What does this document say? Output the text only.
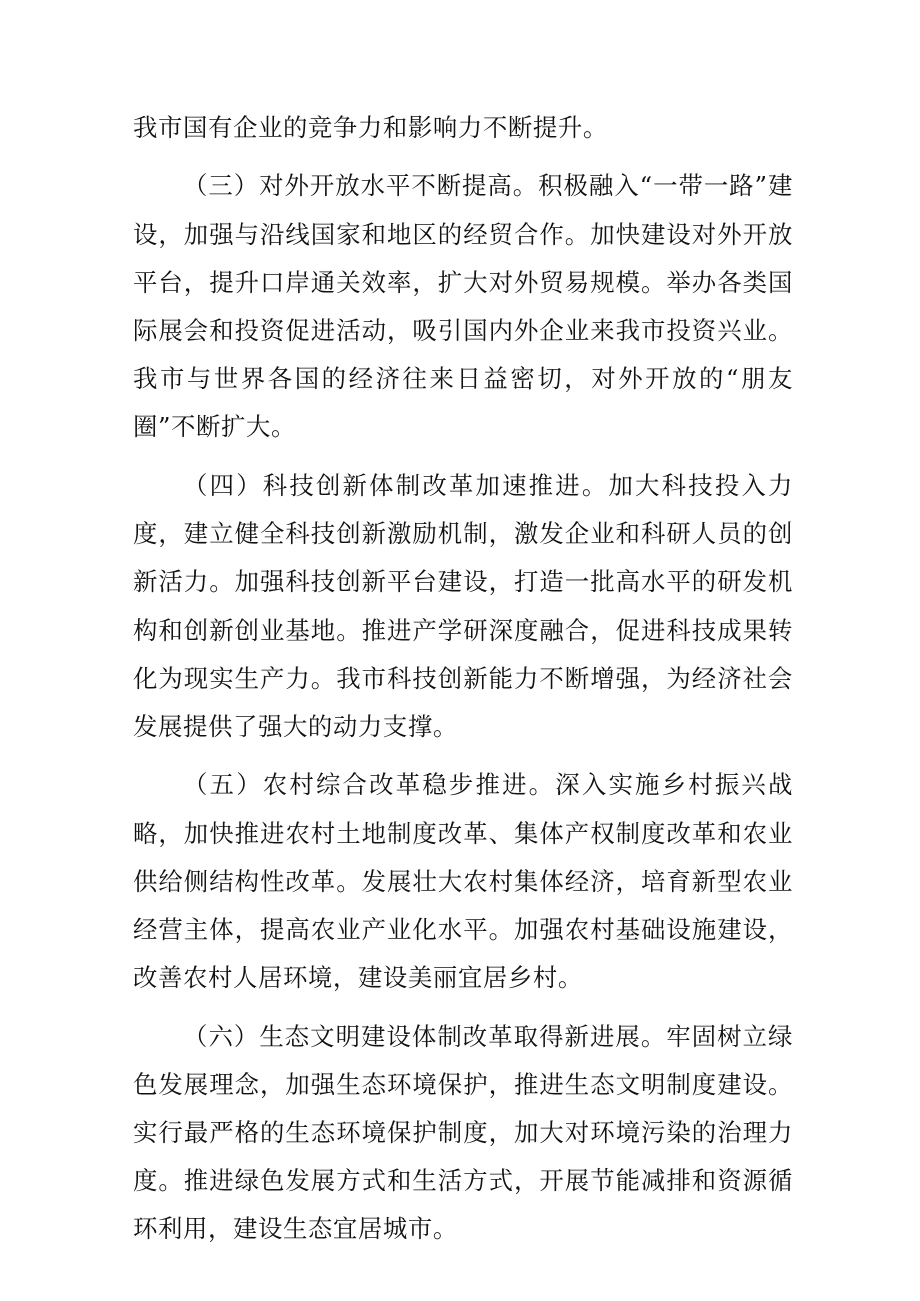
我市国有企业的竞争力和影响力不断提升。

（三）对外开放水平不断提高。积极融入“一带一路”建设，加强与沿线国家和地区的经贸合作。加快建设对外开放平台，提升口岸通关效率，扩大对外贸易规模。举办各类国际展会和投资促进活动，吸引国内外企业来我市投资兴业。我市与世界各国的经济往来日益密切，对外开放的“朋友圈”不断扩大。

（四）科技创新体制改革加速推进。加大科技投入力度，建立健全科技创新激励机制，激发企业和科研人员的创新活力。加强科技创新平台建设，打造一批高水平的研发机构和创新创业基地。推进产学研深度融合，促进科技成果转化为现实生产力。我市科技创新能力不断增强，为经济社会发展提供了强大的动力支撑。

（五）农村综合改革稳步推进。深入实施乡村振兴战略，加快推进农村土地制度改革、集体产权制度改革和农业供给侧结构性改革。发展壮大农村集体经济，培育新型农业经营主体，提高农业产业化水平。加强农村基础设施建设，改善农村人居环境，建设美丽宜居乡村。

（六）生态文明建设体制改革取得新进展。牢固树立绿色发展理念，加强生态环境保护，推进生态文明制度建设。实行最严格的生态环境保护制度，加大对环境污染的治理力度。推进绿色发展方式和生活方式，开展节能减排和资源循环利用，建设生态宜居城市。
